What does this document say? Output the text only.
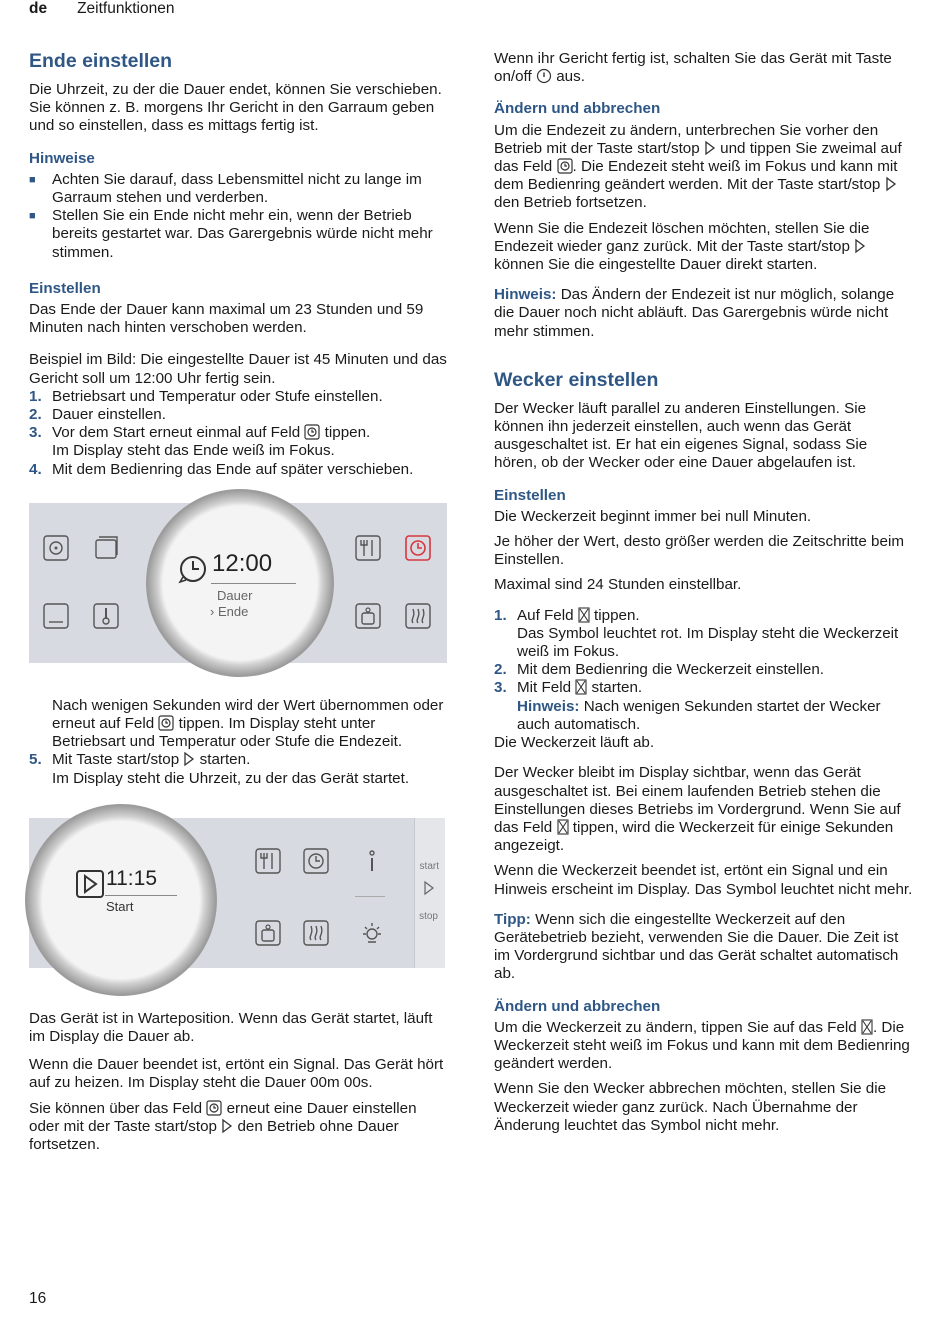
de Zeitfunktionen
Ende einstellen

Die Uhrzeit, zu der die Dauer endet, können Sie verschieben. Sie können z. B. morgens Ihr Gericht in den Garraum geben und so einstellen, dass es mittags fertig ist.

Hinweise
■	Achten Sie darauf, dass Lebensmittel nicht zu lange im Garraum stehen und verderben.
■	Stellen Sie ein Ende nicht mehr ein, wenn der Betrieb bereits gestartet war. Das Garergebnis würde nicht mehr stimmen.
Einstellen

Das Ende der Dauer kann maximal um 23 Stunden und 59 Minuten nach hinten verschoben werden.

Beispiel im Bild: Die eingestellte Dauer ist 45 Minuten und das Gericht soll um 12:00 Uhr fertig sein.

1. Betriebsart und Temperatur oder Stufe einstellen.
2. Dauer einstellen.
3. Vor dem Start erneut einmal auf Feld tippen.
Im Display steht das Ende weiß im Fokus.
4. Mit dem Bedienring das Ende auf später verschieben.
12:00
Dauer
› Ende

Nach wenigen Sekunden wird der Wert übernommen oder erneut auf Feld tippen. Im Display steht unter Betriebsart und Temperatur oder Stufe die Endezeit.

5. Mit Taste start/stop starten.
Im Display steht die Uhrzeit, zu der das Gerät startet.
start
stop
11:15
Start

Das Gerät ist in Warteposition. Wenn das Gerät startet, läuft im Display die Dauer ab.

Wenn die Dauer beendet ist, ertönt ein Signal. Das Gerät hört auf zu heizen. Im Display steht die Dauer 00m 00s.

Sie können über das Feld erneut eine Dauer einstellen oder mit der Taste start/stop den Betrieb ohne Dauer fortsetzen.

Wenn ihr Gericht fertig ist, schalten Sie das Gerät mit Taste on/off aus.

Ändern und abbrechen

Um die Endezeit zu ändern, unterbrechen Sie vorher den Betrieb mit der Taste start/stop und tippen Sie zweimal auf das Feld . Die Endezeit steht weiß im Fokus und kann mit dem Bedienring geändert werden. Mit der Taste start/stop  den Betrieb fortsetzen.

Wenn Sie die Endezeit löschen möchten, stellen Sie die Endezeit wieder ganz zurück. Mit der Taste start/stop  können Sie die eingestellte Dauer direkt starten.

Hinweis: Das Ändern der Endezeit ist nur möglich, solange die Dauer noch nicht abläuft. Das Garergebnis würde nicht mehr stimmen.

Wecker einstellen

Der Wecker läuft parallel zu anderen Einstellungen. Sie können ihn jederzeit einstellen, auch wenn das Gerät ausgeschaltet ist. Er hat ein eigenes Signal, sodass Sie hören, ob der Wecker oder eine Dauer abgelaufen ist.

Einstellen

Die Weckerzeit beginnt immer bei null Minuten.

Je höher der Wert, desto größer werden die Zeitschritte beim Einstellen.

Maximal sind 24 Stunden einstellbar.

1. Auf Feld tippen.
Das Symbol leuchtet rot. Im Display steht die Weckerzeit weiß im Fokus.
2. Mit dem Bedienring die Weckerzeit einstellen.
3. Mit Feld starten.
Hinweis: Nach wenigen Sekunden startet der Wecker auch automatisch.

Die Weckerzeit läuft ab.

Der Wecker bleibt im Display sichtbar, wenn das Gerät ausgeschaltet ist. Bei einem laufenden Betrieb stehen die Einstellungen dieses Betriebs im Vordergrund. Wenn Sie auf das Feld tippen, wird die Weckerzeit für einige Sekunden angezeigt.

Wenn die Weckerzeit beendet ist, ertönt ein Signal und ein Hinweis erscheint im Display. Das Symbol leuchtet nicht mehr.

Tipp: Wenn sich die eingestellte Weckerzeit auf den Gerätebetrieb bezieht, verwenden Sie die Dauer. Die Zeit ist im Vordergrund sichtbar und das Gerät schaltet automatisch ab.

Ändern und abbrechen

Um die Weckerzeit zu ändern, tippen Sie auf das Feld . Die Weckerzeit steht weiß im Fokus und kann mit dem Bedienring geändert werden.

Wenn Sie den Wecker abbrechen möchten, stellen Sie die Weckerzeit wieder ganz zurück. Nach Übernahme der Änderung leuchtet das Symbol nicht mehr.

16
